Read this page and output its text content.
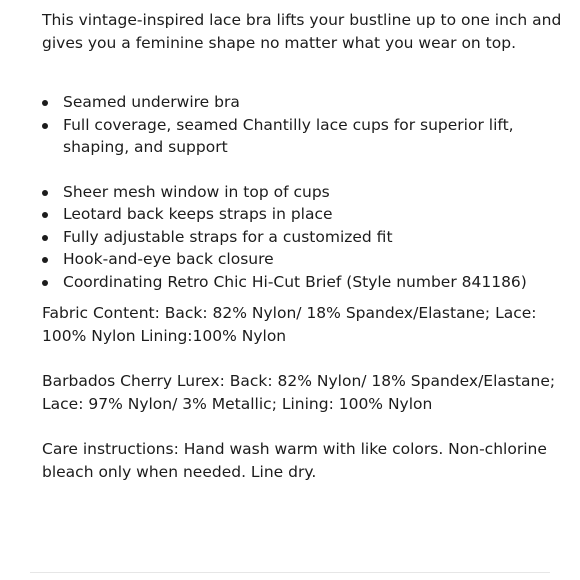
This vintage-inspired lace bra lifts your bustline up to one inch and gives you a feminine shape no matter what you wear on top.

Seamed underwire bra
Full coverage, seamed Chantilly lace cups for superior lift, shaping, and support
Sheer mesh window in top of cups
Leotard back keeps straps in place
Fully adjustable straps for a customized fit
Hook-and-eye back closure
Coordinating Retro Chic Hi-Cut Brief (Style number 841186)

Fabric Content: Back: 82% Nylon/ 18% Spandex/Elastane; Lace: 100% Nylon Lining:100% Nylon

Barbados Cherry Lurex: Back: 82% Nylon/ 18% Spandex/Elastane; Lace: 97% Nylon/ 3% Metallic; Lining: 100% Nylon

Care instructions: Hand wash warm with like colors. Non-chlorine bleach only when needed. Line dry.
